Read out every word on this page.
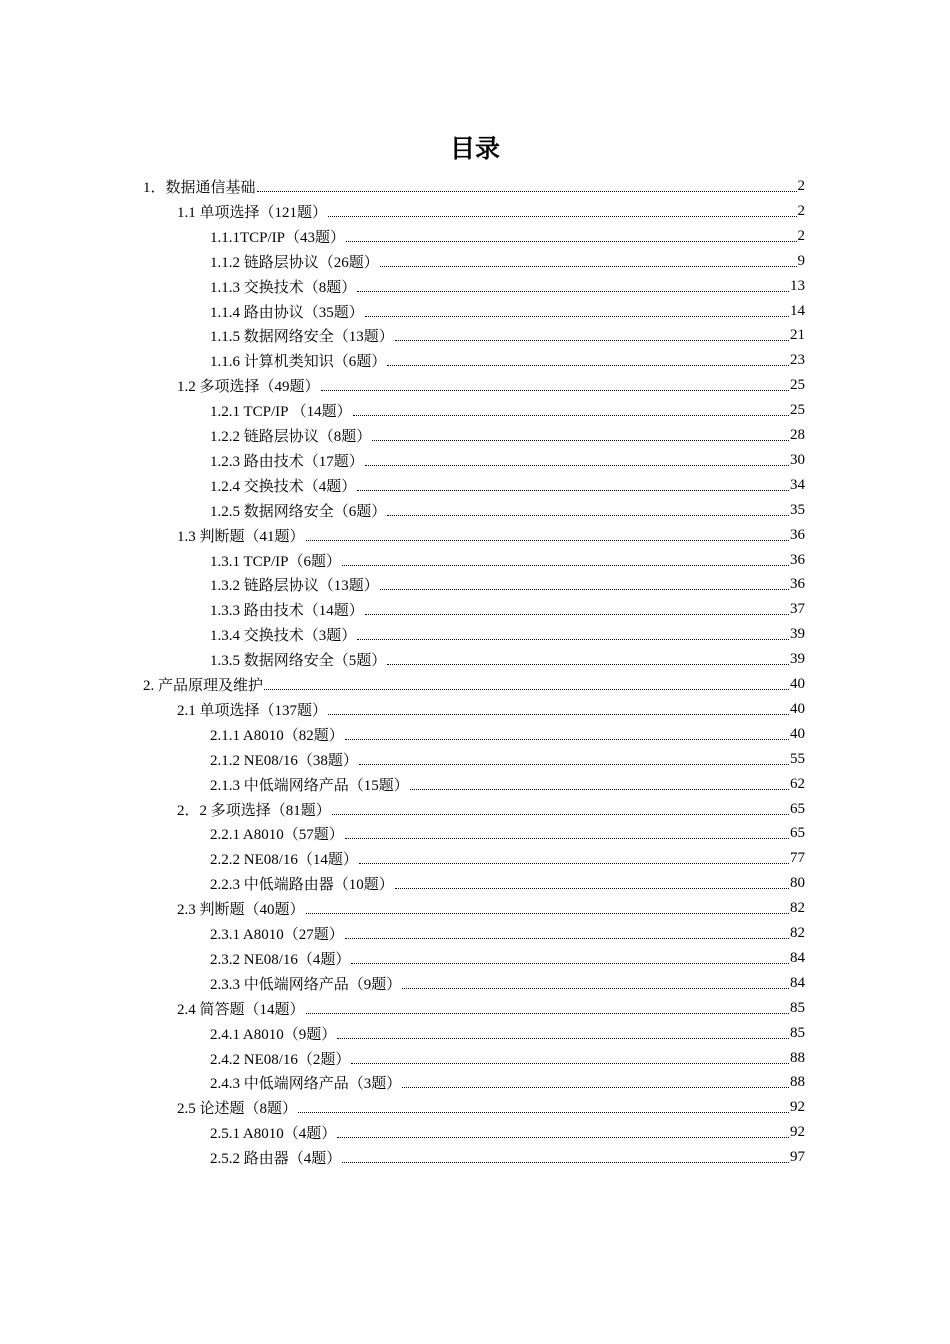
目录
1．数据通信基础	2
1.1 单项选择（121题）	2
1.1.1TCP/IP（43题）	2
1.1.2 链路层协议（26题）	9
1.1.3 交换技术（8题）	13
1.1.4 路由协议（35题）	14
1.1.5 数据网络安全（13题）	21
1.1.6 计算机类知识（6题）	23
1.2 多项选择（49题）	25
1.2.1 TCP/IP （14题）	25
1.2.2 链路层协议（8题）	28
1.2.3 路由技术（17题）	30
1.2.4 交换技术（4题）	34
1.2.5 数据网络安全（6题）	35
1.3 判断题（41题）	36
1.3.1 TCP/IP（6题）	36
1.3.2 链路层协议（13题）	36
1.3.3 路由技术（14题）	37
1.3.4 交换技术（3题）	39
1.3.5 数据网络安全（5题）	39
2. 产品原理及维护	40
2.1 单项选择（137题）	40
2.1.1 A8010（82题）	40
2.1.2 NE08/16（38题）	55
2.1.3 中低端网络产品（15题）	62
2．2 多项选择（81题）	65
2.2.1 A8010（57题）	65
2.2.2 NE08/16（14题）	77
2.2.3 中低端路由器（10题）	80
2.3 判断题（40题）	82
2.3.1 A8010（27题）	82
2.3.2 NE08/16（4题）	84
2.3.3 中低端网络产品（9题）	84
2.4 简答题（14题）	85
2.4.1 A8010（9题）	85
2.4.2 NE08/16（2题）	88
2.4.3 中低端网络产品（3题）	88
2.5 论述题（8题）	92
2.5.1 A8010（4题）	92
2.5.2 路由器（4题）	97
